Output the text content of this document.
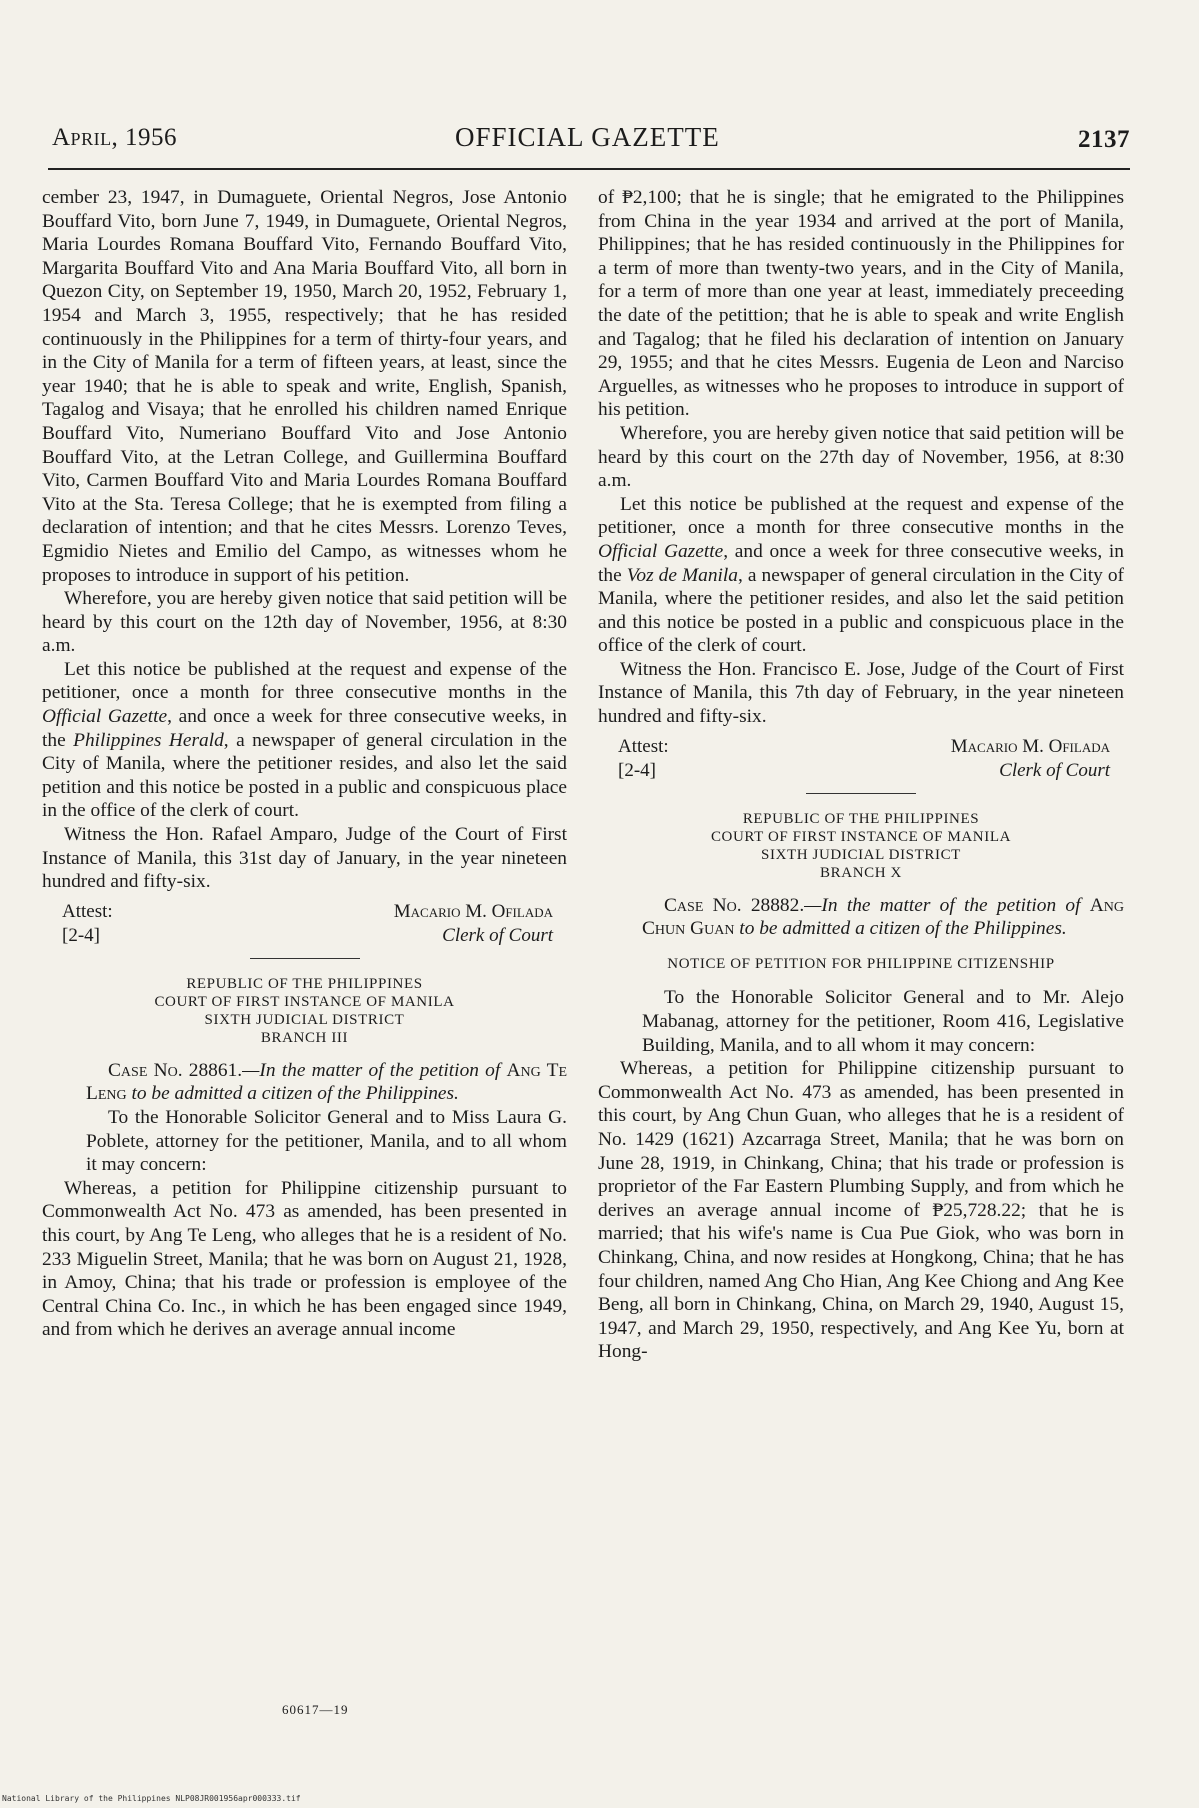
April, 1956	OFFICIAL GAZETTE	2137

cember 23, 1947, in Dumaguete, Oriental Negros, Jose Antonio Bouffard Vito, born June 7, 1949, in Dumaguete, Oriental Negros, Maria Lourdes Romana Bouffard Vito, Fernando Bouffard Vito, Margarita Bouffard Vito and Ana Maria Bouffard Vito, all born in Quezon City, on September 19, 1950, March 20, 1952, February 1, 1954 and March 3, 1955, respectively; that he has resided continuously in the Philippines for a term of thirty-four years, and in the City of Manila for a term of fifteen years, at least, since the year 1940; that he is able to speak and write, English, Spanish, Tagalog and Visaya; that he enrolled his children named Enrique Bouffard Vito, Numeriano Bouffard Vito and Jose Antonio Bouffard Vito, at the Letran College, and Guillermina Bouffard Vito, Carmen Bouffard Vito and Maria Lourdes Romana Bouffard Vito at the Sta. Teresa College; that he is exempted from filing a declaration of intention; and that he cites Messrs. Lorenzo Teves, Egmidio Nietes and Emilio del Campo, as witnesses whom he proposes to introduce in support of his petition.

Wherefore, you are hereby given notice that said petition will be heard by this court on the 12th day of November, 1956, at 8:30 a.m.

Let this notice be published at the request and expense of the petitioner, once a month for three consecutive months in the Official Gazette, and once a week for three consecutive weeks, in the Philippines Herald, a newspaper of general circulation in the City of Manila, where the petitioner resides, and also let the said petition and this notice be posted in a public and conspicuous place in the office of the clerk of court.

Witness the Hon. Rafael Amparo, Judge of the Court of First Instance of Manila, this 31st day of January, in the year nineteen hundred and fifty-six.

Attest:
[2-4]
Macario M. Ofilada
Clerk of Court
REPUBLIC OF THE PHILIPPINES
COURT OF FIRST INSTANCE OF MANILA
SIXTH JUDICIAL DISTRICT
BRANCH III

Case No. 28861.—In the matter of the petition of Ang Te Leng to be admitted a citizen of the Philippines.

To the Honorable Solicitor General and to Miss Laura G. Poblete, attorney for the petitioner, Manila, and to all whom it may concern:

Whereas, a petition for Philippine citizenship pursuant to Commonwealth Act No. 473 as amended, has been presented in this court, by Ang Te Leng, who alleges that he is a resident of No. 233 Miguelin Street, Manila; that he was born on August 21, 1928, in Amoy, China; that his trade or profession is employee of the Central China Co. Inc., in which he has been engaged since 1949, and from which he derives an average annual income

of ₱2,100; that he is single; that he emigrated to the Philippines from China in the year 1934 and arrived at the port of Manila, Philippines; that he has resided continuously in the Philippines for a term of more than twenty-two years, and in the City of Manila, for a term of more than one year at least, immediately preceeding the date of the petittion; that he is able to speak and write English and Tagalog; that he filed his declaration of intention on January 29, 1955; and that he cites Messrs. Eugenia de Leon and Narciso Arguelles, as witnesses who he proposes to introduce in support of his petition.

Wherefore, you are hereby given notice that said petition will be heard by this court on the 27th day of November, 1956, at 8:30 a.m.

Let this notice be published at the request and expense of the petitioner, once a month for three consecutive months in the Official Gazette, and once a week for three consecutive weeks, in the Voz de Manila, a newspaper of general circulation in the City of Manila, where the petitioner resides, and also let the said petition and this notice be posted in a public and conspicuous place in the office of the clerk of court.

Witness the Hon. Francisco E. Jose, Judge of the Court of First Instance of Manila, this 7th day of February, in the year nineteen hundred and fifty-six.

Attest:
[2-4]
Macario M. Ofilada
Clerk of Court
REPUBLIC OF THE PHILIPPINES
COURT OF FIRST INSTANCE OF MANILA
SIXTH JUDICIAL DISTRICT
BRANCH X

Case No. 28882.—In the matter of the petition of Ang Chun Guan to be admitted a citizen of the Philippines.

NOTICE OF PETITION FOR PHILIPPINE CITIZENSHIP

To the Honorable Solicitor General and to Mr. Alejo Mabanag, attorney for the petitioner, Room 416, Legislative Building, Manila, and to all whom it may concern:

Whereas, a petition for Philippine citizenship pursuant to Commonwealth Act No. 473 as amended, has been presented in this court, by Ang Chun Guan, who alleges that he is a resident of No. 1429 (1621) Azcarraga Street, Manila; that he was born on June 28, 1919, in Chinkang, China; that his trade or profession is proprietor of the Far Eastern Plumbing Supply, and from which he derives an average annual income of ₱25,728.22; that he is married; that his wife's name is Cua Pue Giok, who was born in Chinkang, China, and now resides at Hongkong, China; that he has four children, named Ang Cho Hian, Ang Kee Chiong and Ang Kee Beng, all born in Chinkang, China, on March 29, 1940, August 15, 1947, and March 29, 1950, respectively, and Ang Kee Yu, born at Hong-

60617—19
National Library of the Philippines NLP08JR001956apr000333.tif
